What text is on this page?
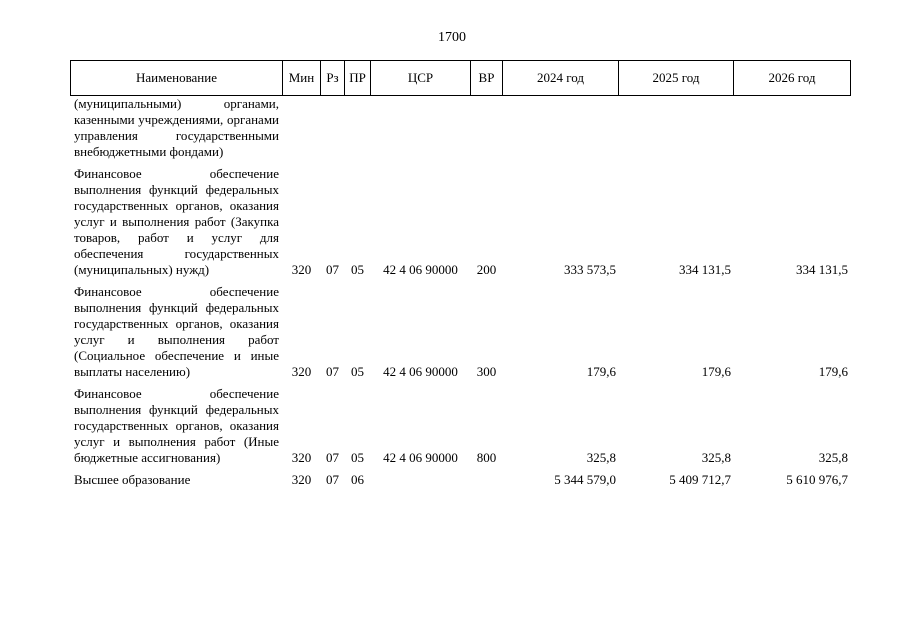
1700
Наименование	Мин	Рз	ПР	ЦСР	ВР	2024 год	2025 год	2026 год
(муниципальными) органами, казенными учреждениями, органами управления государственными внебюджетными фондами)								

Финансовое обеспечение выполнения функций федеральных государственных органов, оказания услуг и выполнения работ (Закупка товаров, работ и услуг для обеспечения государственных (муниципальных) нужд)	320	07	05	42 4 06 90000	200	333 573,5	334 131,5	334 131,5

Финансовое обеспечение выполнения функций федеральных государственных органов, оказания услуг и выполнения работ (Социальное обеспечение и иные выплаты населению)	320	07	05	42 4 06 90000	300	179,6	179,6	179,6

Финансовое обеспечение выполнения функций федеральных государственных органов, оказания услуг и выполнения работ (Иные бюджетные ассигнования)	320	07	05	42 4 06 90000	800	325,8	325,8	325,8

Высшее образование	320	07	06			5 344 579,0	5 409 712,7	5 610 976,7
